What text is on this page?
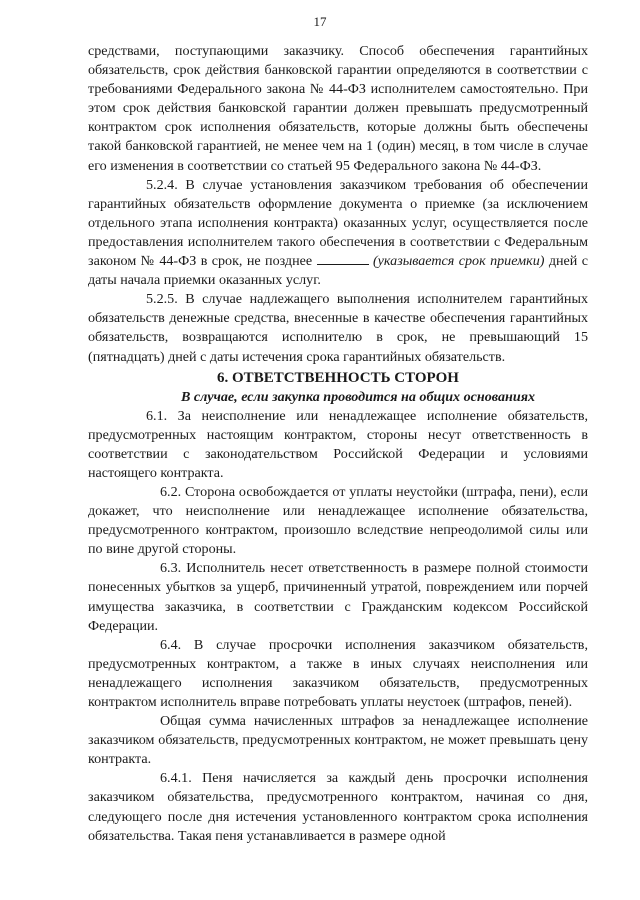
17

средствами, поступающими заказчику. Способ обеспечения гарантийных обязательств, срок действия банковской гарантии определяются в соответствии с требованиями Федерального закона № 44-ФЗ исполнителем самостоятельно. При этом срок действия банковской гарантии должен превышать предусмотренный контрактом срок исполнения обязательств, которые должны быть обеспечены такой банковской гарантией, не менее чем на 1 (один) месяц, в том числе в случае его изменения в соответствии со статьей 95 Федерального закона № 44-ФЗ.

5.2.4. В случае установления заказчиком требования об обеспечении гарантийных обязательств оформление документа о приемке (за исключением отдельного этапа исполнения контракта) оказанных услуг, осуществляется после предоставления исполнителем такого обеспечения в соответствии с Федеральным законом № 44-ФЗ в срок, не позднее	(указывается срок приемки) дней с даты начала приемки оказанных услуг.

5.2.5. В случае надлежащего выполнения исполнителем гарантийных обязательств денежные средства, внесенные в качестве обеспечения гарантийных обязательств, возвращаются исполнителю в срок, не превышающий 15 (пятнадцать) дней с даты истечения срока гарантийных обязательств.

6. ОТВЕТСТВЕННОСТЬ СТОРОН
В случае, если закупка проводится на общих основаниях

6.1. За неисполнение или ненадлежащее исполнение обязательств, предусмотренных настоящим контрактом, стороны несут ответственность в соответствии с законодательством Российской Федерации и условиями настоящего контракта.

6.2. Сторона освобождается от уплаты неустойки (штрафа, пени), если докажет, что неисполнение или ненадлежащее исполнение обязательства, предусмотренного контрактом, произошло вследствие непреодолимой силы или по вине другой стороны.

6.3. Исполнитель несет ответственность в размере полной стоимости понесенных убытков за ущерб, причиненный утратой, повреждением или порчей имущества заказчика, в соответствии с Гражданским кодексом Российской Федерации.

6.4. В случае просрочки исполнения заказчиком обязательств, предусмотренных контрактом, а также в иных случаях неисполнения или ненадлежащего исполнения заказчиком обязательств, предусмотренных контрактом исполнитель вправе потребовать уплаты неустоек (штрафов, пеней).

Общая сумма начисленных штрафов за ненадлежащее исполнение заказчиком обязательств, предусмотренных контрактом, не может превышать цену контракта.

6.4.1. Пеня начисляется за каждый день просрочки исполнения заказчиком обязательства, предусмотренного контрактом, начиная со дня, следующего после дня истечения установленного контрактом срока исполнения обязательства. Такая пеня устанавливается в размере одной
